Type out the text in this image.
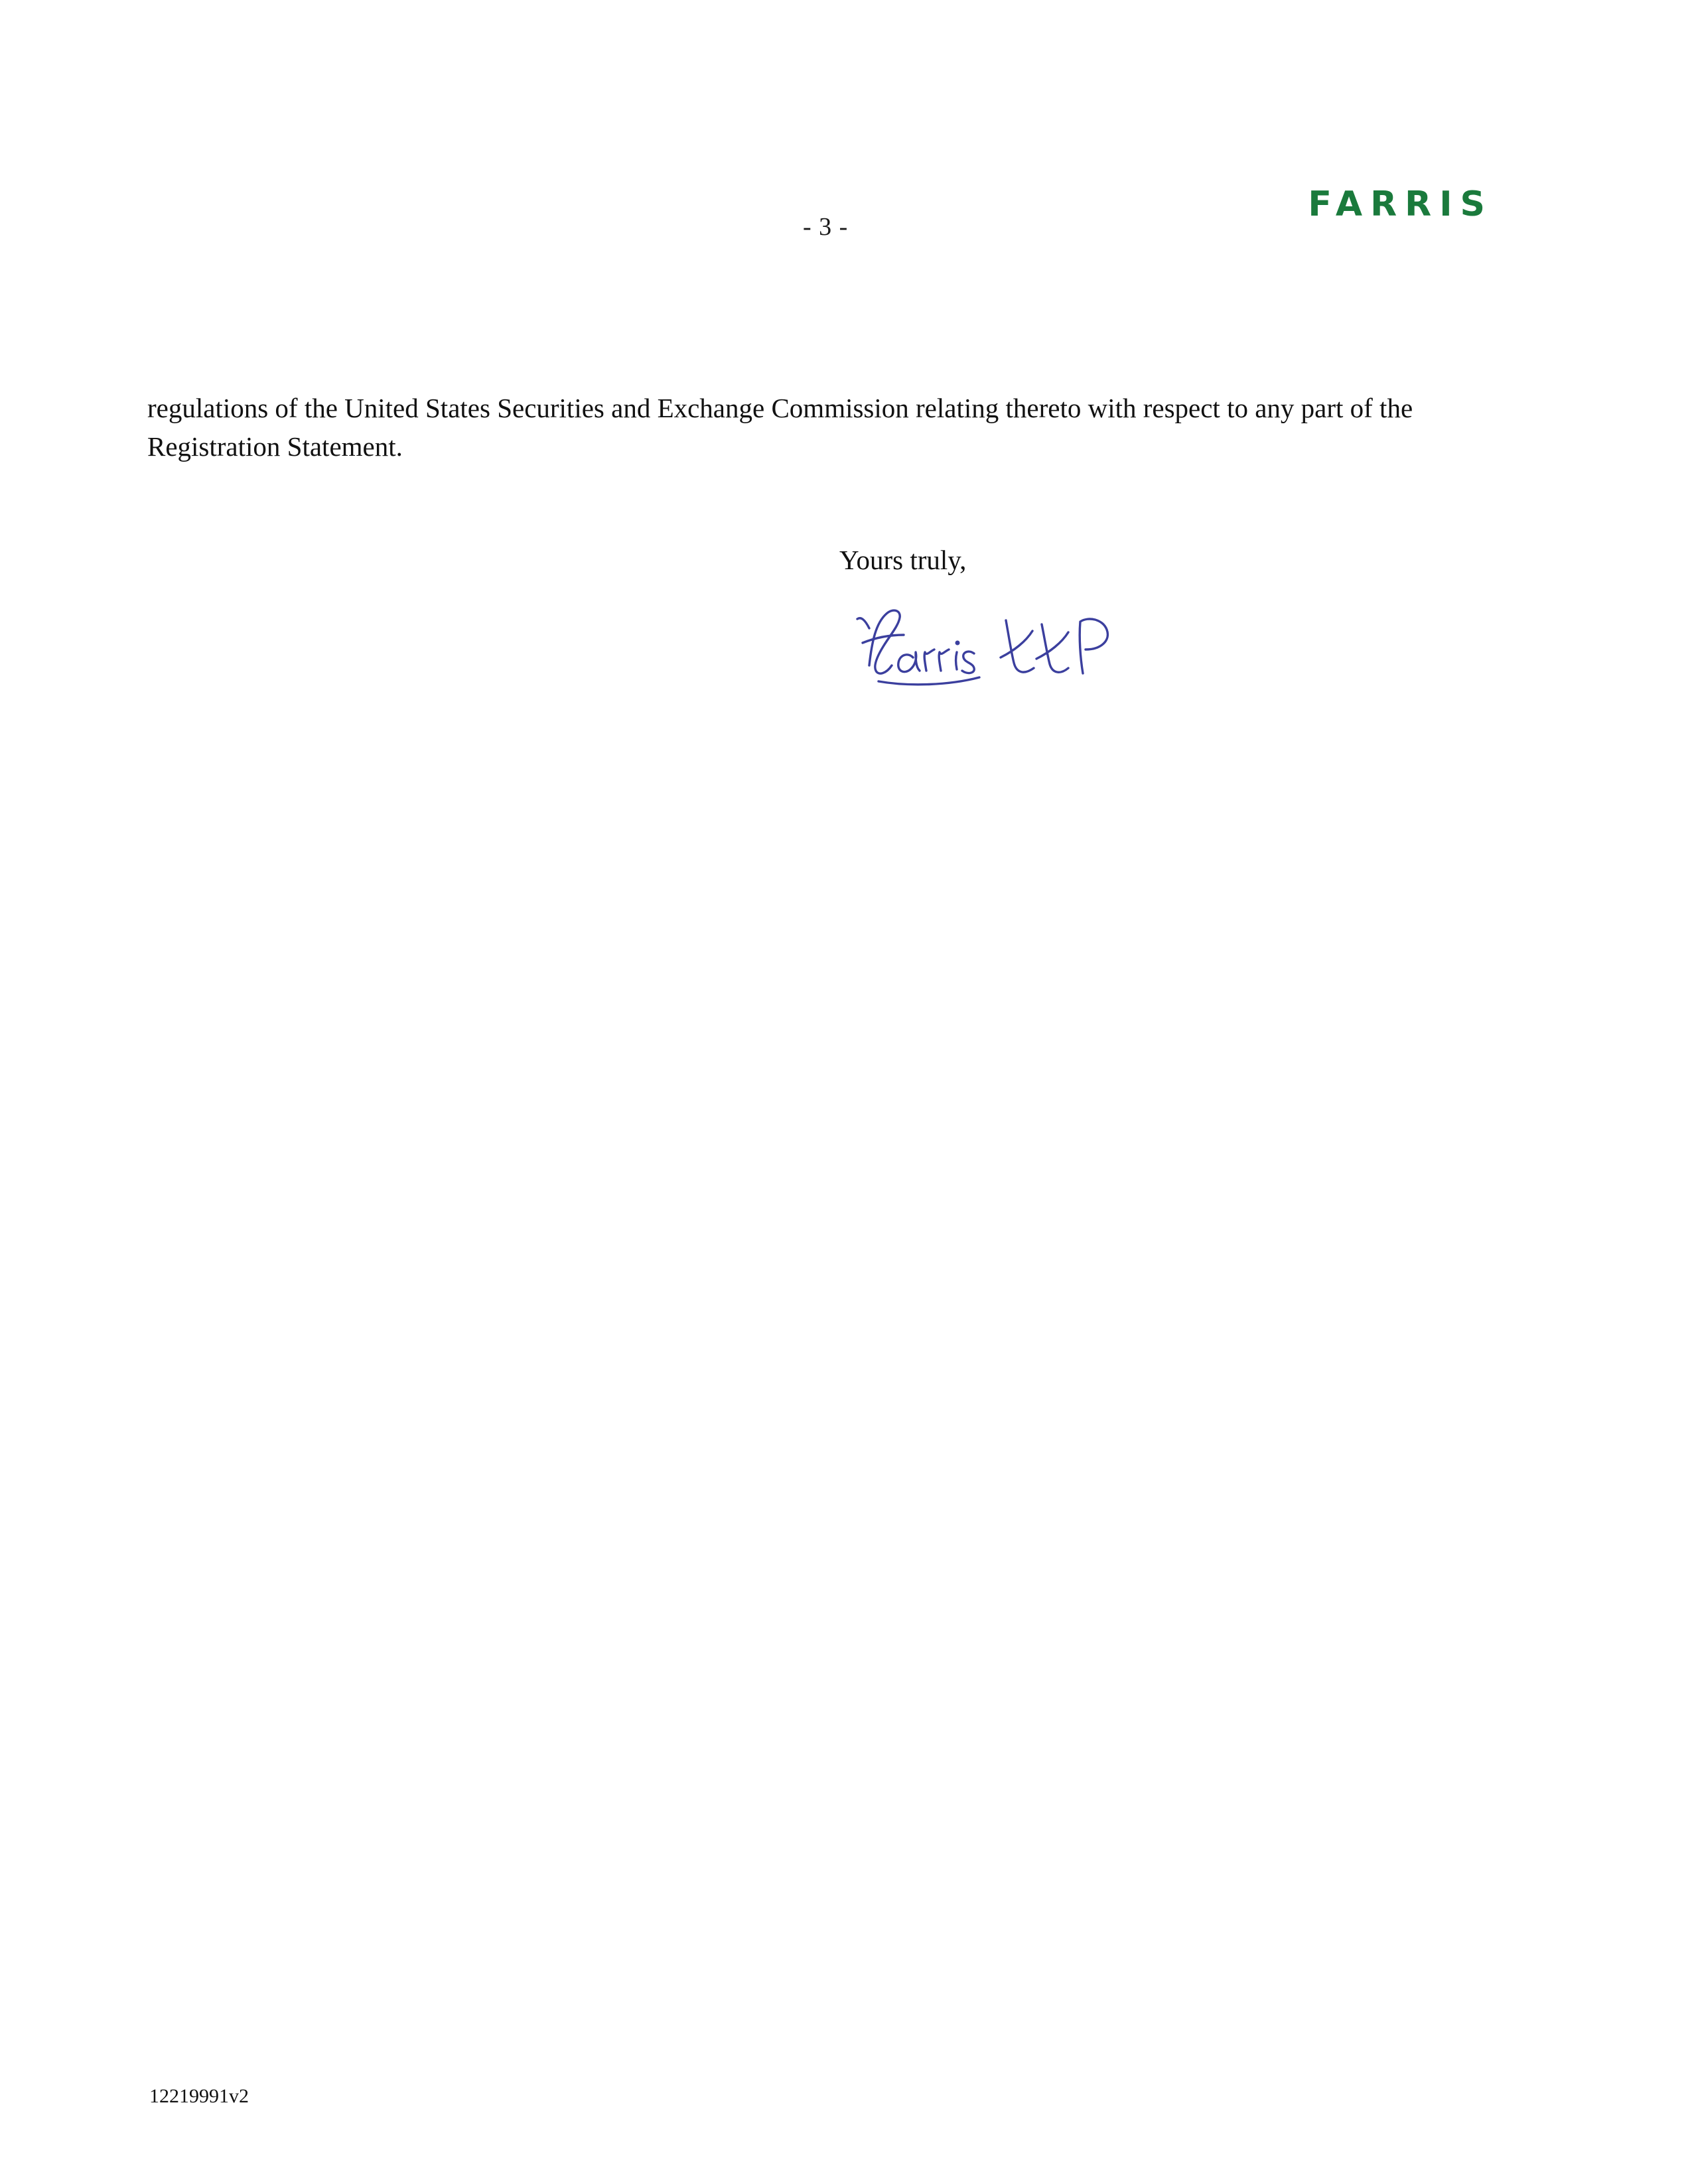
- 3 -
FARRIS

regulations of the United States Securities and Exchange Commission relating thereto with respect to any part of the Registration Statement.

Yours truly,
12219991v2
